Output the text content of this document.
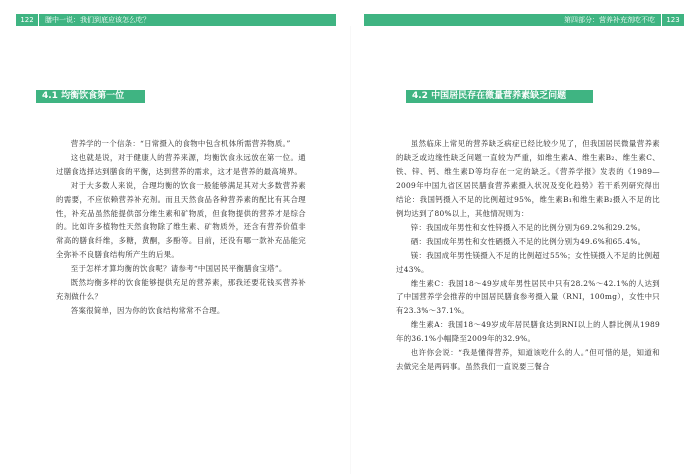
122 膳中一说：我们到底应该怎么吃？	第四部分：营养补充剂吃不吃 123
4.1 均衡饮食第一位	4.2 中国居民存在微量营养素缺乏问题

营养学的一个信条：“日常摄入的食物中包含机体所需营养物质。”

这也就是说，对于健康人的营养来源，均衡饮食永远放在第一位。通过膳食选择达到膳食的平衡，达到营养的需求，这才是营养的最高境界。

对于大多数人来说，合理均衡的饮食一般能够满足其对大多数营养素的需要，不应依赖营养补充剂。而且天然食品各种营养素的配比有其合理性，补充品虽然能提供部分维生素和矿物质，但食物提供的营养才是综合的。比如许多植物性天然食物除了维生素、矿物质外，还含有营养价值非常高的膳食纤维，多糖，黄酮，多酚等。目前，还没有哪一款补充品能完全弥补不良膳食结构所产生的后果。

至于怎样才算均衡的饮食呢？请参考“中国居民平衡膳食宝塔”。

既然均衡多样的饮食能够提供充足的营养素，那我还要花钱买营养补充剂做什么？

答案很简单，因为你的饮食结构常常不合理。

虽然临床上常见的营养缺乏病症已经比较少见了，但我国居民微量营养素的缺乏或边缘性缺乏问题一直较为严重，如维生素A、维生素B₂、维生素C、铁、锌、钙、维生素D等均存在一定的缺乏。《营养学报》发表的《1989—2009年中国九省区居民膳食营养素摄入状况及变化趋势》若干系列研究得出结论：我国钙摄入不足的比例超过95%，维生素B₁和维生素B₂摄入不足的比例均达到了80%以上，其他情况则为：

锌：我国成年男性和女性锌摄入不足的比例分别为69.2%和29.2%。

硒：我国成年男性和女性硒摄入不足的比例分别为49.6%和65.4%。

镁：我国成年男性镁摄入不足的比例超过55%；女性镁摄入不足的比例超过43%。

维生素C：我国18～49岁成年男性居民中只有28.2%～42.1%的人达到了中国营养学会推荐的中国居民膳食参考摄入量（RNI，100mg），女性中只有23.3%～37.1%。

维生素A：我国18～49岁成年居民膳食达到RNI以上的人群比例从1989年的36.1%小幅降至2009年的32.9%。

也许你会说：“我是懂得营养，知道该吃什么的人。”但可惜的是，知道和去做完全是两码事。虽然我们一直说要三餐合
